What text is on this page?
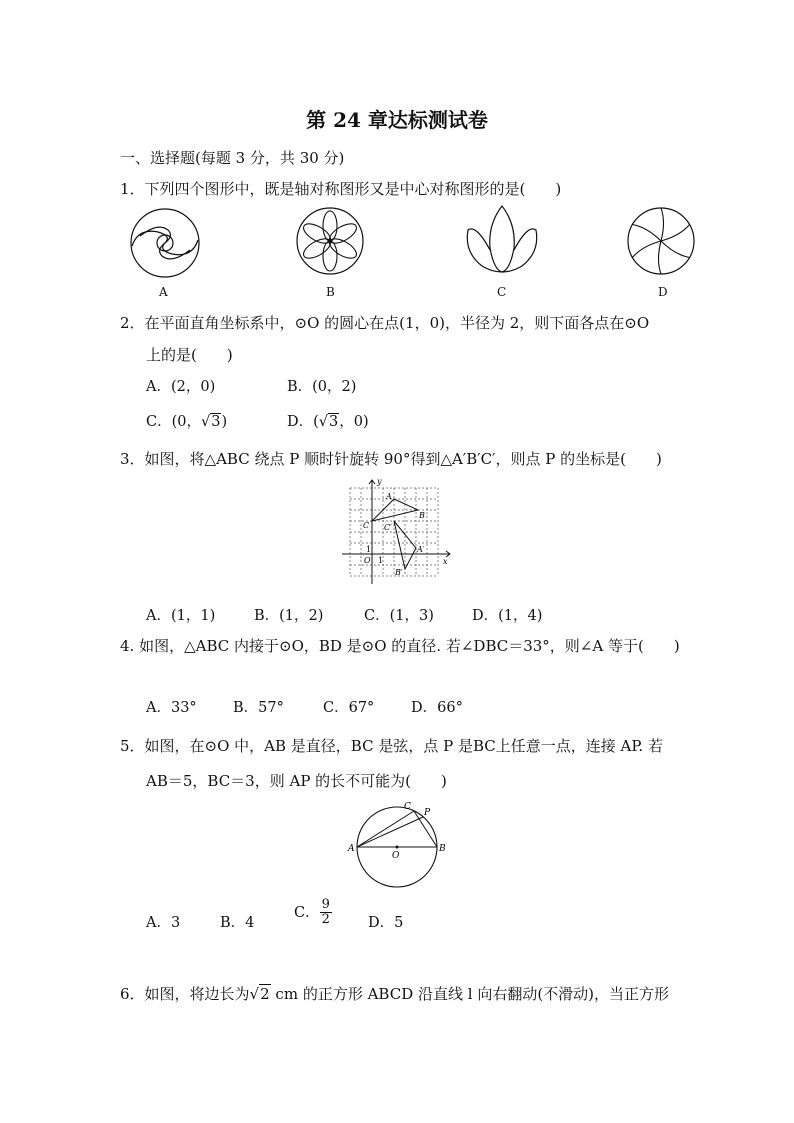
第 24 章达标测试卷
一、选择题(每题 3 分，共 30 分)
1．下列四个图形中，既是轴对称图形又是中心对称图形的是(　　)
A	B	C	D
2．在平面直角坐标系中，⊙O 的圆心在点(1，0)，半径为 2，则下面各点在⊙O
上的是(　　)
A．(2，0)	B．(0，2)
C．(0，√3)	D．(√3，0)
3．如图，将△ABC 绕点 P 顺时针旋转 90°得到△A′B′C′，则点 P 的坐标是(　　)
y
x
A
B
C
A′
B′
C′
O 1
1
A．(1，1)	B．(1，2)	C．(1，3)	D．(1，4)
4. 如图，△ABC 内接于⊙O，BD 是⊙O 的直径. 若∠DBC＝33°，则∠A 等于(　　)
A．33°	B．57°	C．67°	D．66°
5．如图，在⊙O 中，AB 是直径，BC 是弦，点 P 是BC上任意一点，连接 AP. 若
AB＝5，BC＝3，则 AP 的长不可能为(　　)
A	B
C
P
O
A．3	B．4
C． $\frac{9}{2}$ D．5
6．如图，将边长为√2 cm 的正方形 ABCD 沿直线 l 向右翻动(不滑动)，当正方形
